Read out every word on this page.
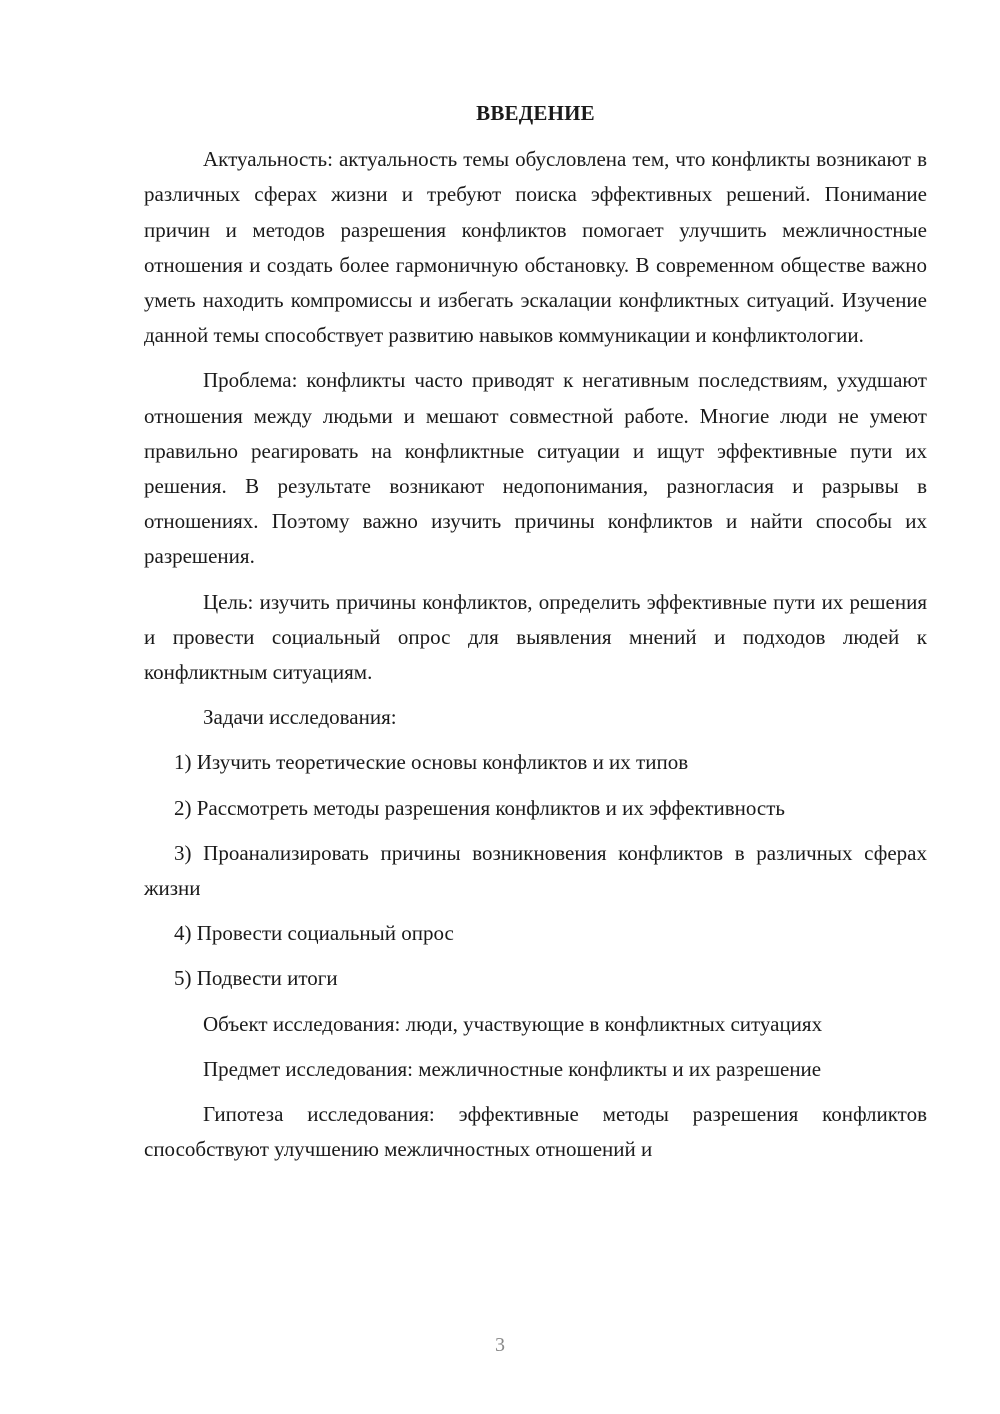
ВВЕДЕНИЕ

Актуальность: актуальность темы обусловлена тем, что конфликты возникают в различных сферах жизни и требуют поиска эффективных решений. Понимание причин и методов разрешения конфликтов помогает улучшить межличностные отношения и создать более гармоничную обстановку. В современном обществе важно уметь находить компромиссы и избегать эскалации конфликтных ситуаций. Изучение данной темы способствует развитию навыков коммуникации и конфликтологии.

Проблема: конфликты часто приводят к негативным последствиям, ухудшают отношения между людьми и мешают совместной работе. Многие люди не умеют правильно реагировать на конфликтные ситуации и ищут эффективные пути их решения. В результате возникают недопонимания, разногласия и разрывы в отношениях. Поэтому важно изучить причины конфликтов и найти способы их разрешения.

Цель: изучить причины конфликтов, определить эффективные пути их решения и провести социальный опрос для выявления мнений и подходов людей к конфликтным ситуациям.

Задачи исследования:

1) Изучить теоретические основы конфликтов и их типов

2) Рассмотреть методы разрешения конфликтов и их эффективность

3) Проанализировать причины возникновения конфликтов в различных сферах жизни

4) Провести социальный опрос

5) Подвести итоги

Объект исследования: люди, участвующие в конфликтных ситуациях

Предмет исследования: межличностные конфликты и их разрешение

Гипотеза исследования: эффективные методы разрешения конфликтов способствуют улучшению межличностных отношений и

3
